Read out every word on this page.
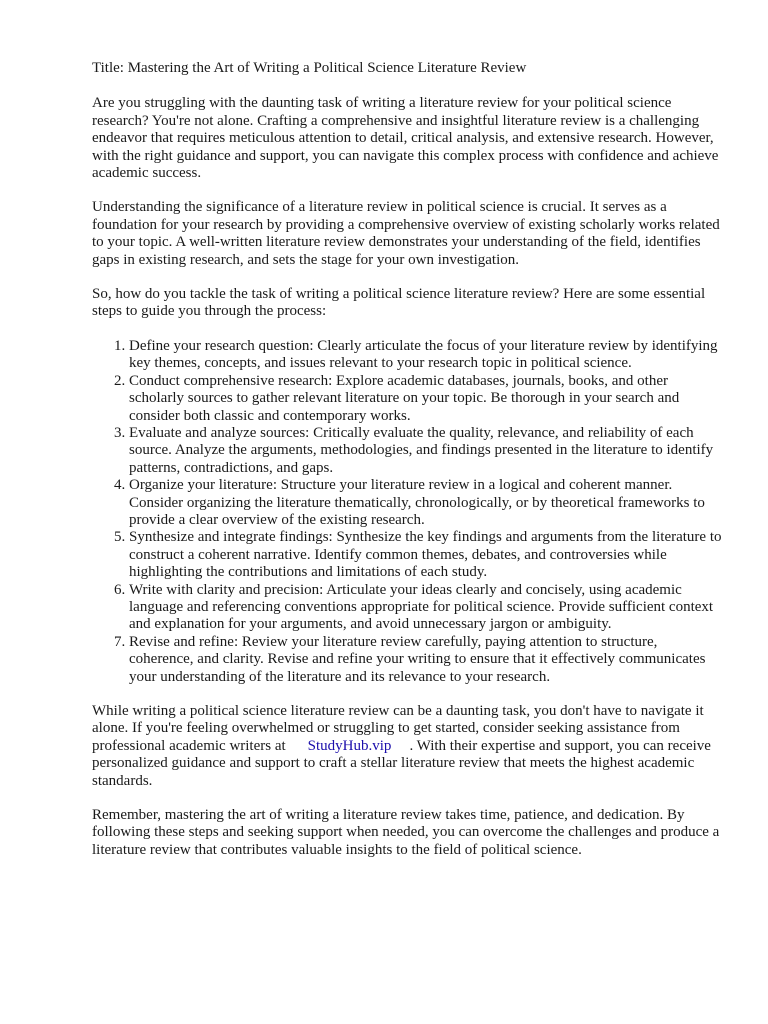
Title: Mastering the Art of Writing a Political Science Literature Review

Are you struggling with the daunting task of writing a literature review for your political science research? You're not alone. Crafting a comprehensive and insightful literature review is a challenging endeavor that requires meticulous attention to detail, critical analysis, and extensive research. However, with the right guidance and support, you can navigate this complex process with confidence and achieve academic success.

Understanding the significance of a literature review in political science is crucial. It serves as a foundation for your research by providing a comprehensive overview of existing scholarly works related to your topic. A well-written literature review demonstrates your understanding of the field, identifies gaps in existing research, and sets the stage for your own investigation.

So, how do you tackle the task of writing a political science literature review? Here are some essential steps to guide you through the process:

1. Define your research question: Clearly articulate the focus of your literature review by identifying key themes, concepts, and issues relevant to your research topic in political science.
2. Conduct comprehensive research: Explore academic databases, journals, books, and other scholarly sources to gather relevant literature on your topic. Be thorough in your search and consider both classic and contemporary works.
3. Evaluate and analyze sources: Critically evaluate the quality, relevance, and reliability of each source. Analyze the arguments, methodologies, and findings presented in the literature to identify patterns, contradictions, and gaps.
4. Organize your literature: Structure your literature review in a logical and coherent manner. Consider organizing the literature thematically, chronologically, or by theoretical frameworks to provide a clear overview of the existing research.
5. Synthesize and integrate findings: Synthesize the key findings and arguments from the literature to construct a coherent narrative. Identify common themes, debates, and controversies while highlighting the contributions and limitations of each study.
6. Write with clarity and precision: Articulate your ideas clearly and concisely, using academic language and referencing conventions appropriate for political science. Provide sufficient context and explanation for your arguments, and avoid unnecessary jargon or ambiguity.
7. Revise and refine: Review your literature review carefully, paying attention to structure, coherence, and clarity. Revise and refine your writing to ensure that it effectively communicates your understanding of the literature and its relevance to your research.

While writing a political science literature review can be a daunting task, you don't have to navigate it alone. If you're feeling overwhelmed or struggling to get started, consider seeking assistance from professional academic writers at StudyHub.vip . With their expertise and support, you can receive personalized guidance and support to craft a stellar literature review that meets the highest academic standards.

Remember, mastering the art of writing a literature review takes time, patience, and dedication. By following these steps and seeking support when needed, you can overcome the challenges and produce a literature review that contributes valuable insights to the field of political science.
